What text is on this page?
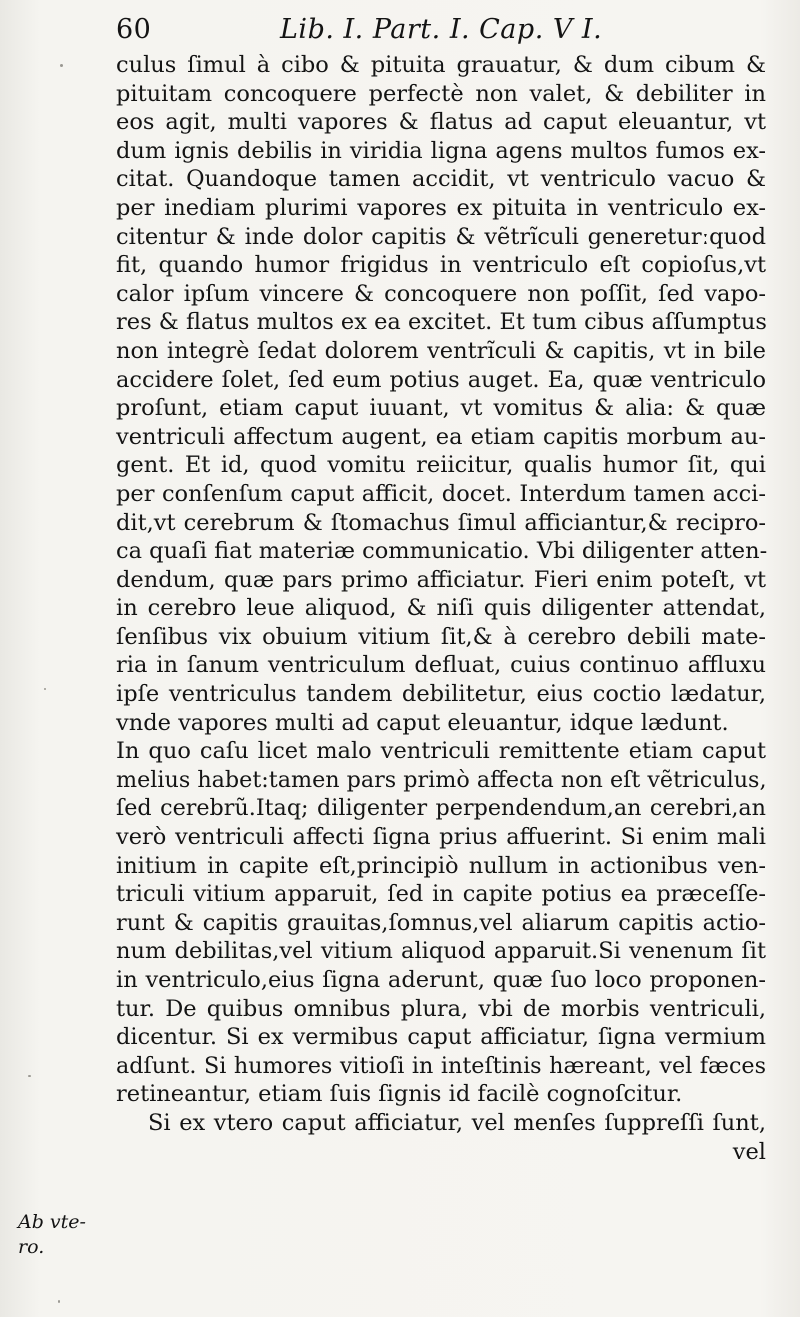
60	Lib. I. Part. I. Cap. V I.
culus ſimul à cibo & pituita grauatur, & dum cibum &
pituitam concoquere perfectè non valet, & debiliter in
eos agit, multi vapores & flatus ad caput eleuantur, vt
dum ignis debilis in viridia ligna agens multos fumos ex-
citat. Quandoque tamen accidit, vt ventriculo vacuo &
per inediam plurimi vapores ex pituita in ventriculo ex-
citentur & inde dolor capitis & vẽtrĩculi genereturːquod
fit, quando humor frigidus in ventriculo eſt copioſus,vt
calor ipſum vincere & concoquere non poſſit, ſed vapo-
res & flatus multos ex ea excitet. Et tum cibus aſſumptus
non integrè ſedat dolorem ventrĩculi & capitis, vt in bile
accidere ſolet, ſed eum potius auget. Ea, quæ ventriculo
proſunt, etiam caput iuuant, vt vomitus & alia: & quæ
ventriculi affectum augent, ea etiam capitis morbum au-
gent. Et id, quod vomitu reiicitur, qualis humor ſit, qui
per conſenſum caput afficit, docet. Interdum tamen acci-
dit,vt cerebrum & ſtomachus ſimul afficiantur,& recipro-
ca quaſi fiat materiæ communicatio. Vbi diligenter atten-
dendum, quæ pars primo afficiatur. Fieri enim poteſt, vt
in cerebro leue aliquod, & niſi quis diligenter attendat,
ſenſibus vix obuium vitium ſit,& à cerebro debili mate-
ria in ſanum ventriculum defluat, cuius continuo affluxu
ipſe ventriculus tandem debilitetur, eius coctio lædatur,
vnde vapores multi ad caput eleuantur, idque lædunt.
In quo caſu licet malo ventriculi remittente etiam caput
melius habet:tamen pars primò affecta non eſt vẽtriculus,
ſed cerebrũ.Itaq; diligenter perpendendum,an cerebri,an
verò ventriculi affecti ſigna prius affuerint. Si enim mali
initium in capite eſt,principiò nullum in actionibus ven-
triculi vitium apparuit, ſed in capite potius ea præceſſe-
runt & capitis grauitas,ſomnus,vel aliarum capitis actio-
num debilitas,vel vitium aliquod apparuit.Si venenum ſit
in ventriculo,eius ſigna aderunt, quæ ſuo loco proponen-
tur. De quibus omnibus plura, vbi de morbis ventriculi,
dicentur. Si ex vermibus caput afficiatur, ſigna vermium
adſunt. Si humores vitioſi in inteſtinis hæreant, vel fæces
retineantur, etiam ſuis ſignis id facilè cognoſcitur.
Si ex vtero caput afficiatur, vel menſes ſuppreſſi ſunt,
vel
Ab vte-
ro.
